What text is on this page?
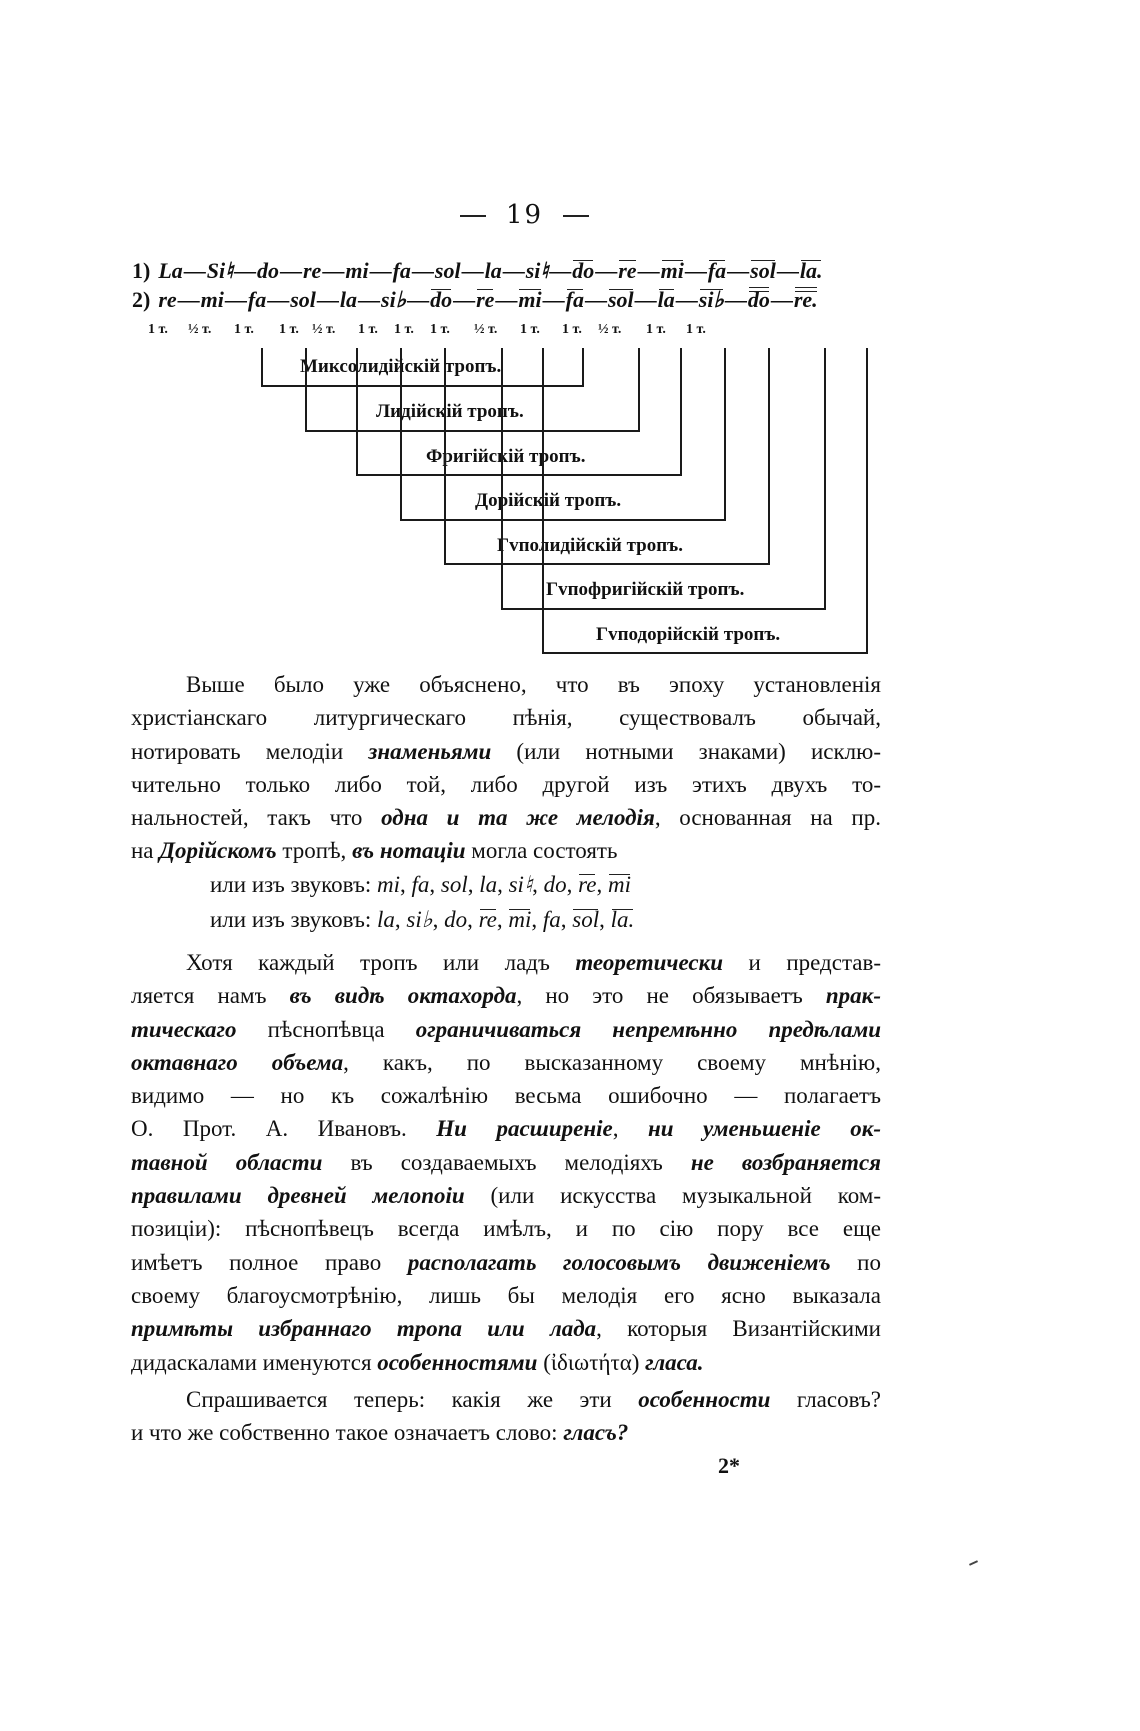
19
1) La—Si♮—do—re—mi—fa—sol—la—si♮—do—re—mi—fa—sol—la.
2) re—mi—fa—sol—la—si♭—do—re—mi—fa—sol—la—si♭—do—re.
1 т. ½ т. 1 т. 1 т. ½ т. 1 т. 1 т. 1 т. ½ т. 1 т. 1 т. ½ т. 1 т. 1 т.
Миксолидійскій тропъ.
Лидійскій тропъ.
Фригійскій тропъ.
Дорійскій тропъ.
Гvполидійскій тропъ.
Гvпофригійскій тропъ.
Гvподорійскій тропъ.
Выше было уже объяснено, что въ эпоху установленія
христіанскаго литургическаго пѣнія, существовалъ обычай,
нотировать мелодіи знаменьями (или нотными знаками) исклю-
чительно только либо той, либо другой изъ этихъ двухъ то-
нальностей, такъ что одна и та же мелодія, основанная на пр.
на Дорійскомъ тропѣ, въ нотаціи могла состоять
или изъ звуковъ: mi, fa, sol, la, si♮, do, re, mi
или изъ звуковъ: la, si♭, do, re, mi, fa, sol, la.
Хотя каждый тропъ или ладъ теоретически и представ-
ляется намъ въ видѣ октахорда, но это не обязываетъ прак-
тическаго пѣснопѣвца ограничиваться непремѣнно предѣлами
октавнаго объема, какъ, по высказанному своему мнѣнію,
видимо — но къ сожалѣнію весьма ошибочно — полагаетъ
О. Прот. А. Ивановъ. Ни расширеніе, ни уменьшеніе ок-
тавной области въ создаваемыхъ мелодіяхъ не возбраняется
правилами древней мелопоіи (или искусства музыкальной ком-
позиціи): пѣснопѣвецъ всегда имѣлъ, и по сію пору все еще
имѣетъ полное право располагать голосовымъ движеніемъ по
своему благоусмотрѣнію, лишь бы мелодія его ясно выказала
примѣты избраннаго тропа или лада, которыя Византійскими
дидаскалами именуются особенностями (ἰδιωτήτα) гласа.
Спрашивается теперь: какія же эти особенности гласовъ?
и что же собственно такое означаетъ слово: гласъ?
2*
